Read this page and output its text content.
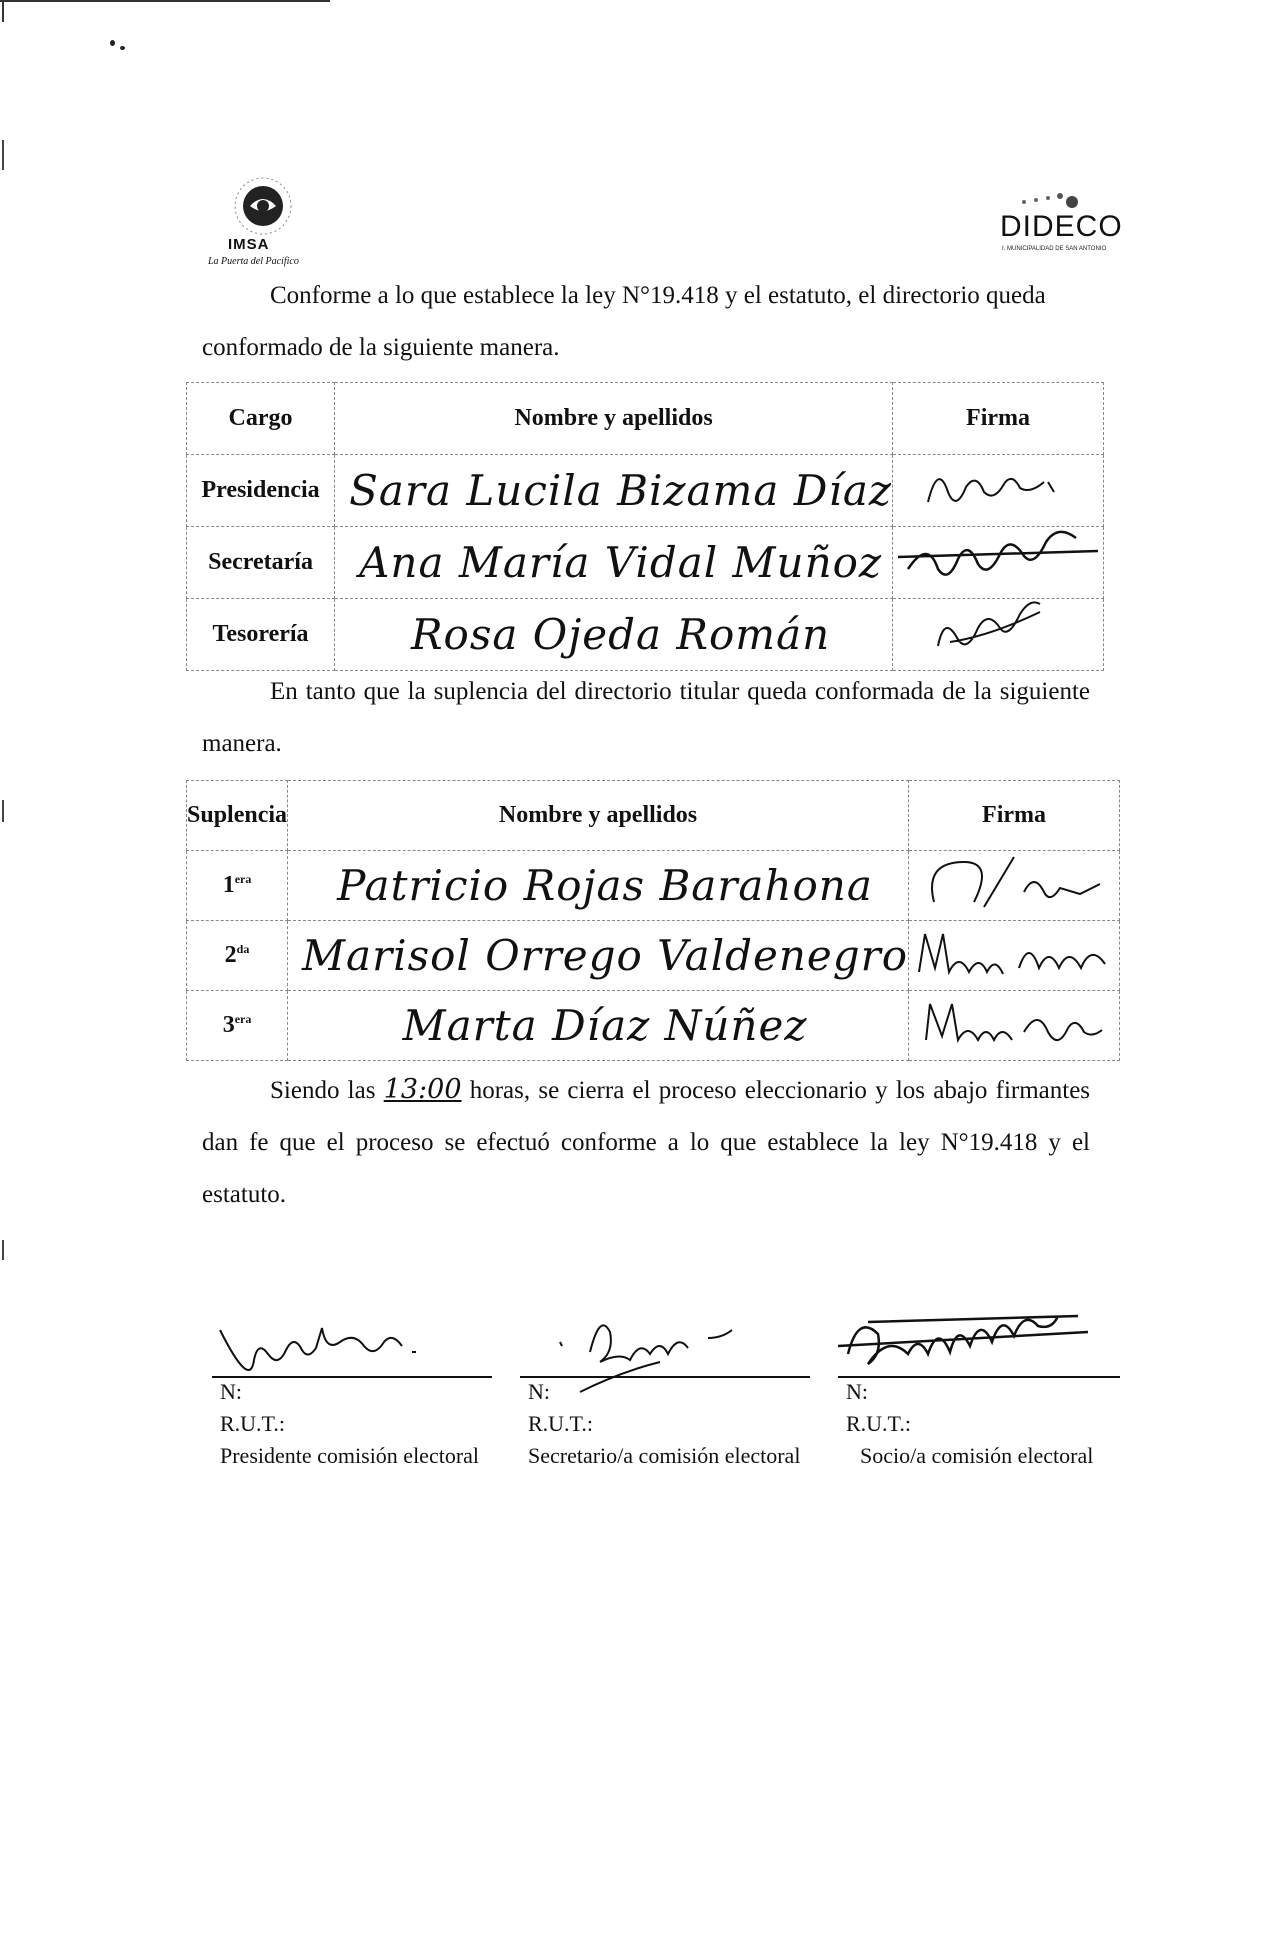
IMSA
La Puerta del Pacífico
DIDECO
I. MUNICIPALIDAD DE SAN ANTONIO
Conforme a lo que establece la ley N°19.418 y el estatuto, el directorio queda conformado de la siguiente manera.
Cargo	Nombre y apellidos	Firma
Presidencia	Sara Lucila Bizama Díaz	
Secretaría	Ana María Vidal Muñoz	
Tesorería	Rosa Ojeda Román	
En tanto que la suplencia del directorio titular queda conformada de la siguiente manera.
Suplencia	Nombre y apellidos	Firma
$1^{era}$	Patricio Rojas Barahona	
$2^{da}$	Marisol Orrego Valdenegro	
$3^{era}$	Marta Díaz Núñez	
Siendo las 13:00 horas, se cierra el proceso eleccionario y los abajo firmantes dan fe que el proceso se efectuó conforme a lo que establece la ley N°19.418 y el estatuto.
N:
R.U.T.:
Presidente comisión electoral
N:
R.U.T.:
Secretario/a comisión electoral
N:
R.U.T.:
Socio/a comisión electoral
